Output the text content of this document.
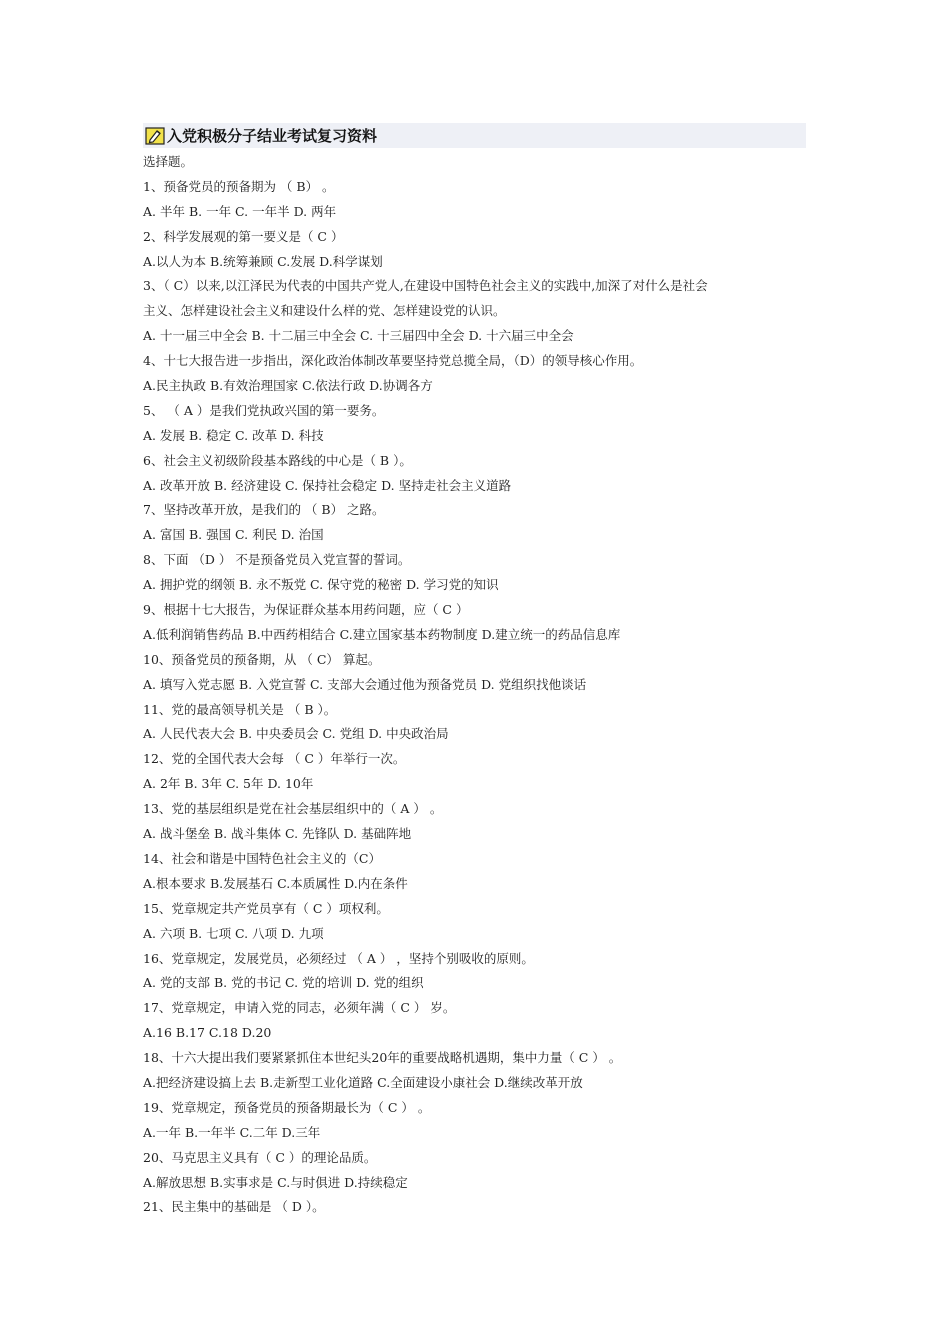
入党积极分子结业考试复习资料
选择题。
1、预备党员的预备期为 （ B） 。
A. 半年 B. 一年 C. 一年半 D. 两年
2、科学发展观的第一要义是（ C ）
A.以人为本 B.统筹兼顾 C.发展 D.科学谋划
3、（ C）以来,以江泽民为代表的中国共产党人,在建设中国特色社会主义的实践中,加深了对什么是社会
主义、怎样建设社会主义和建设什么样的党、怎样建设党的认识。
A. 十一届三中全会 B. 十二届三中全会 C. 十三届四中全会 D. 十六届三中全会
4、十七大报告进一步指出，深化政治体制改革要坚持党总揽全局，（D）的领导核心作用。
A.民主执政 B.有效治理国家 C.依法行政 D.协调各方
5、 （ A ）是我们党执政兴国的第一要务。
A. 发展 B. 稳定 C. 改革 D. 科技
6、社会主义初级阶段基本路线的中心是（ B ）。
A. 改革开放 B. 经济建设 C. 保持社会稳定 D. 坚持走社会主义道路
7、坚持改革开放，是我们的 （ B） 之路。
A. 富国 B. 强国 C. 利民 D. 治国
8、下面 （D ） 不是预备党员入党宣誓的誓词。
A. 拥护党的纲领 B. 永不叛党 C. 保守党的秘密 D. 学习党的知识
9、根据十七大报告，为保证群众基本用药问题，应（ C ）
A.低利润销售药品 B.中西药相结合 C.建立国家基本药物制度 D.建立统一的药品信息库
10、预备党员的预备期，从 （ C） 算起。
A. 填写入党志愿 B. 入党宣誓 C. 支部大会通过他为预备党员 D. 党组织找他谈话
11、党的最高领导机关是 （ B ）。
A. 人民代表大会 B. 中央委员会 C. 党组 D. 中央政治局
12、党的全国代表大会每 （ C ）年举行一次。
A. 2年 B. 3年 C. 5年 D. 10年
13、党的基层组织是党在社会基层组织中的（ A ） 。
A. 战斗堡垒 B. 战斗集体 C. 先锋队 D. 基础阵地
14、社会和谐是中国特色社会主义的（C）
A.根本要求 B.发展基石 C.本质属性 D.内在条件
15、党章规定共产党员享有（ C ）项权利。
A. 六项 B. 七项 C. 八项 D. 九项
16、党章规定，发展党员，必须经过 （ A ） ，坚持个别吸收的原则。
A. 党的支部 B. 党的书记 C. 党的培训 D. 党的组织
17、党章规定，申请入党的同志，必须年满（ C ） 岁。
A.16 B.17 C.18 D.20
18、十六大提出我们要紧紧抓住本世纪头20年的重要战略机遇期，集中力量（ C ） 。
A.把经济建设搞上去 B.走新型工业化道路 C.全面建设小康社会 D.继续改革开放
19、党章规定，预备党员的预备期最长为（ C ） 。
A.一年 B.一年半 C.二年 D.三年
20、马克思主义具有（ C ）的理论品质。
A.解放思想 B.实事求是 C.与时俱进 D.持续稳定
21、民主集中的基础是 （ D ）。
